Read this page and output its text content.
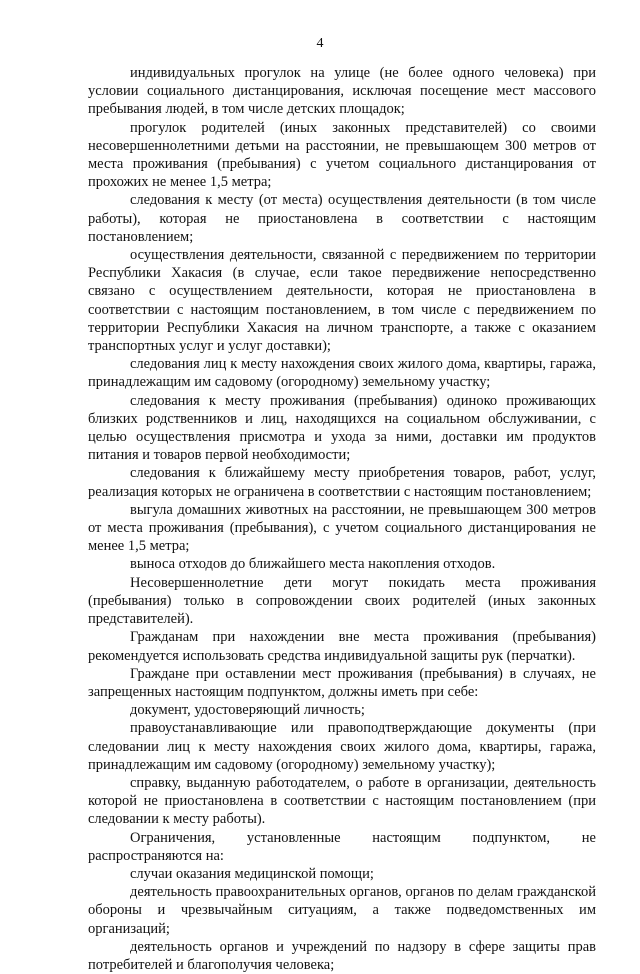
4

индивидуальных прогулок на улице (не более одного человека) при условии социального дистанцирования, исключая посещение мест массового пребывания людей, в том числе детских площадок;

прогулок родителей (иных законных представителей) со своими несовершеннолетними детьми на расстоянии, не превышающем 300 метров от места проживания (пребывания) с учетом социального дистанцирования от прохожих не менее 1,5 метра;

следования к месту (от места) осуществления деятельности (в том числе работы), которая не приостановлена в соответствии с настоящим постановлением;

осуществления деятельности, связанной с передвижением по территории Республики Хакасия (в случае, если такое передвижение непосредственно связано с осуществлением деятельности, которая не приостановлена в соответствии с настоящим постановлением, в том числе с передвижением по территории Республики Хакасия на личном транспорте, а также с оказанием транспортных услуг и услуг доставки);

следования лиц к месту нахождения своих жилого дома, квартиры, гаража, принадлежащим им садовому (огородному) земельному участку;

следования к месту проживания (пребывания) одиноко проживающих близких родственников и лиц, находящихся на социальном обслуживании, с целью осуществления присмотра и ухода за ними, доставки им продуктов питания и товаров первой необходимости;

следования к ближайшему месту приобретения товаров, работ, услуг, реализация которых не ограничена в соответствии с настоящим постановлением;

выгула домашних животных на расстоянии, не превышающем 300 метров от места проживания (пребывания), с учетом социального дистанцирования не менее 1,5 метра;

выноса отходов до ближайшего места накопления отходов.

Несовершеннолетние дети могут покидать места проживания (пребывания) только в сопровождении своих родителей (иных законных представителей).

Гражданам при нахождении вне места проживания (пребывания) рекомендуется использовать средства индивидуальной защиты рук (перчатки).

Граждане при оставлении мест проживания (пребывания) в случаях, не запрещенных настоящим подпунктом, должны иметь при себе:

документ, удостоверяющий личность;

правоустанавливающие или правоподтверждающие документы (при следовании лиц к месту нахождения своих жилого дома, квартиры, гаража, принадлежащим им садовому (огородному) земельному участку);

справку, выданную работодателем, о работе в организации, деятельность которой не приостановлена в соответствии с настоящим постановлением (при следовании к месту работы).

Ограничения, установленные настоящим подпунктом, не распространяются на:

случаи оказания медицинской помощи;

деятельность правоохранительных органов, органов по делам гражданской обороны и чрезвычайным ситуациям, а также подведомственных им организаций;

деятельность органов и учреждений по надзору в сфере защиты прав потребителей и благополучия человека;
